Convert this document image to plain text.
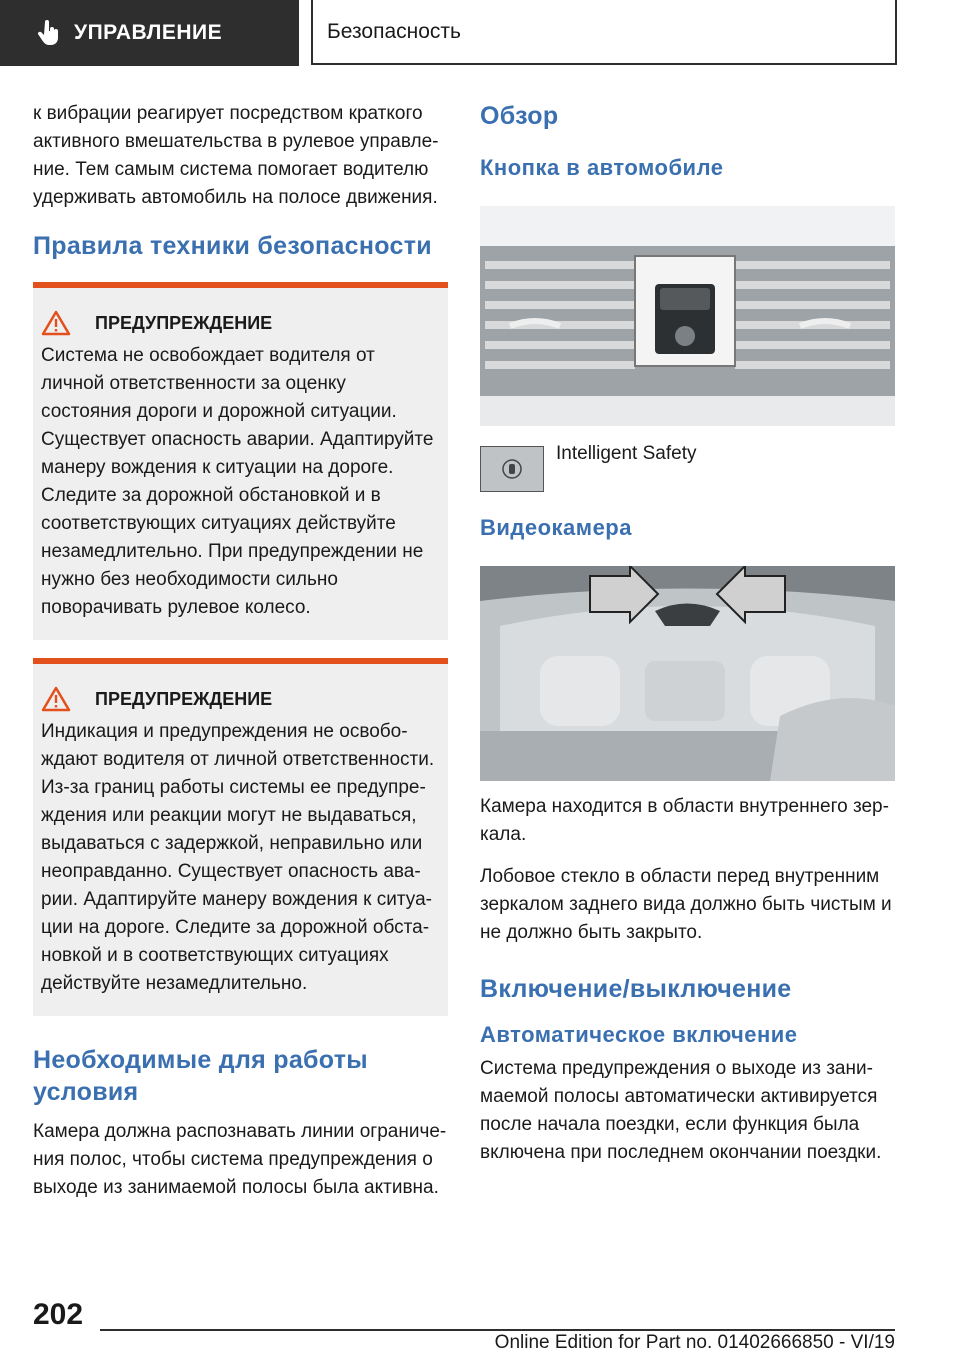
УПРАВЛЕНИЕ	Безопасность

к вибрации реагирует посредством краткого активного вмешательства в рулевое управление. Тем самым система помогает водителю удерживать автомобиль на полосе движения.

Правила техники безопасности
ПРЕДУПРЕЖДЕНИЕ

Система не освобождает водителя от личной ответственности за оценку состояния дороги и дорожной ситуации. Существует опасность аварии. Адаптируйте манеру вождения к ситуации на дороге. Следите за дорожной обстановкой и в соответствующих ситуациях действуйте незамедлительно. При предупреждении не нужно без необходимости сильно поворачивать рулевое колесо.

ПРЕДУПРЕЖДЕНИЕ

Индикация и предупреждения не освобождают водителя от личной ответственности. Из-за границ работы системы ее предупреждения или реакции могут не выдаваться, выдаваться с задержкой, неправильно или неоправданно. Существует опасность аварии. Адаптируйте манеру вождения к ситуации на дороге. Следите за дорожной обстановкой и в соответствующих ситуациях действуйте незамедлительно.

Необходимые для работы условия

Камера должна распознавать линии ограничения полос, чтобы система предупреждения о выходе из занимаемой полосы была активна.

Обзор
Кнопка в автомобиле

Intelligent Safety

Видеокамера

Камера находится в области внутреннего зеркала.

Лобовое стекло в области перед внутренним зеркалом заднего вида должно быть чистым и не должно быть закрыто.

Включение/выключение
Автоматическое включение

Система предупреждения о выходе из занимаемой полосы автоматически активируется после начала поездки, если функция была включена при последнем окончании поездки.

202
Online Edition for Part no. 01402666850 - VI/19
